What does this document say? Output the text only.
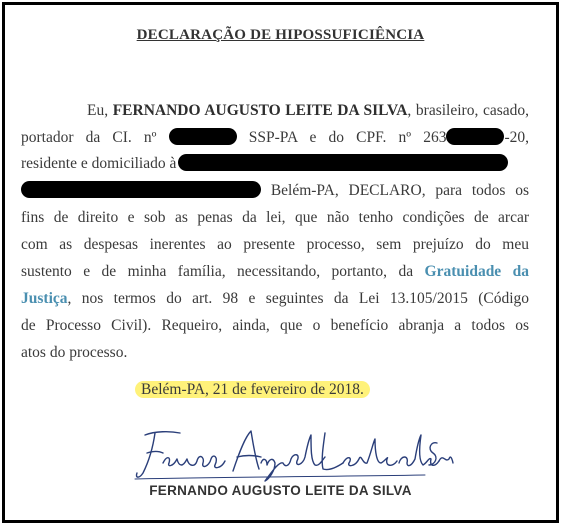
DECLARAÇÃO DE HIPOSSUFICIÊNCIA
Eu, FERNANDO AUGUSTO LEITE DA SILVA, brasileiro, casado,
portador da CI. nº	SSP-PA e do CPF. nº 263	-20,
residente e domiciliado à
Belém-PA, DECLARO, para todos os
fins de direito e sob as penas da lei, que não tenho condições de arcar
com as despesas inerentes ao presente processo, sem prejuízo do meu
sustento e de minha família, necessitando, portanto, da Gratuidade da
Justiça, nos termos do art. 98 e seguintes da Lei 13.105/2015 (Código
de Processo Civil). Requeiro, ainda, que o benefício abranja a todos os
atos do processo.
Belém-PA, 21 de fevereiro de 2018.
FERNANDO AUGUSTO LEITE DA SILVA
